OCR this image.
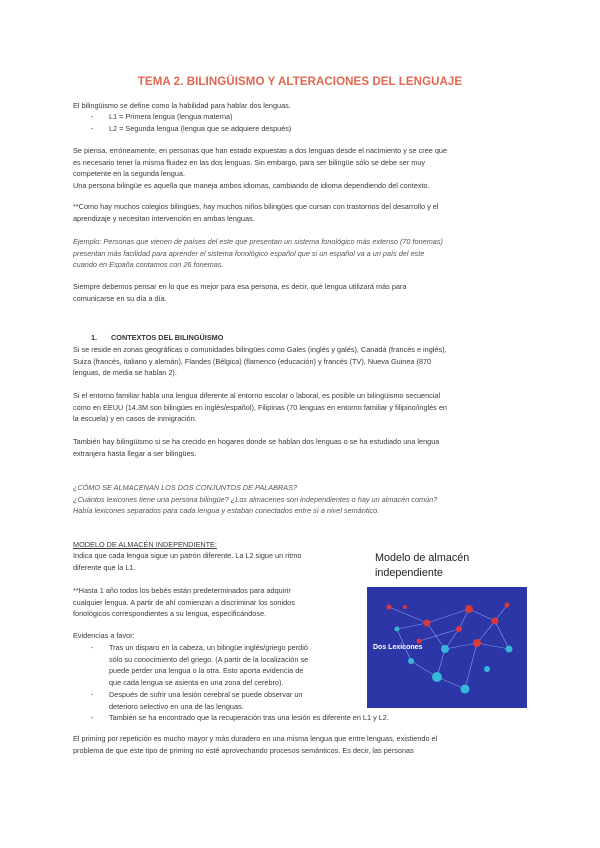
TEMA 2. BILINGÜISMO Y ALTERACIONES DEL LENGUAJE
El bilingüismo se define como la habilidad para hablar dos lenguas.
- L1 = Primera lengua (lengua materna)
- L2 = Segunda lengua (lengua que se adquiere después)
Se piensa, erróneamente, en personas que han estado expuestas a dos lenguas desde el nacimiento y se cree que
es necesario tener la misma fluidez en las dos lenguas. Sin embargo, para ser bilingüe sólo se debe ser muy
competente en la segunda lengua.
Una persona bilingüe es aquella que maneja ambos idiomas, cambiando de idioma dependiendo del contexto.
**Como hay muchos colegios bilingües, hay muchos niños bilingües que cursan con trastornos del desarrollo y el
aprendizaje y necesitan intervención en ambas lenguas.
Ejemplo: Personas que vienen de países del este que presentan un sistema fonológico más extenso (70 fonemas)
presentan más facilidad para aprender el sistema fonológico español que si un español va a un país del este
cuando en España contamos con 26 fonemas.
Siempre debemos pensar en lo que es mejor para esa persona, es decir, qué lengua utilizará más para
comunicarse en su día a día.
1. CONTEXTOS DEL BILINGÜISMO
Si se reside en zonas geográficas o comunidades bilingües como Gales (inglés y galés), Canadá (francés e inglés),
Suiza (francés, italiano y alemán), Flandes (Bélgica) (flamenco (educación) y francés (TV), Nueva Guinea (870
lenguas, de media se hablan 2).
Si el entorno familiar habla una lengua diferente al entorno escolar o laboral, es posible un bilingüismo secuencial
como en EEUU (14.3M son bilingües en inglés/español), Filipinas (70 lenguas en entorno familiar y filipino/inglés en
la escuela) y en casos de inmigración.
También hay bilingüismo si se ha crecido en hogares donde se hablan dos lenguas o se ha estudiado una lengua
extranjera hasta llegar a ser bilingües.
¿CÓMO SE ALMACENAN LOS DOS CONJUNTOS DE PALABRAS?
¿Cuántos lexicones tiene una persona bilingüe? ¿Los almacenes son independientes o hay un almacén común?
Había lexicones separados para cada lengua y estaban conectados entre sí a nivel semántico.
MODELO DE ALMACÉN INDEPENDIENTE:
Indica que cada lengua sigue un patrón diferente. La L2 sigue un ritmo
diferente que la L1.
**Hasta 1 año todos los bebés están predeterminados para adquirir
cualquier lengua. A partir de ahí comienzan a discriminar los sonidos
fonológicos correspondientes a su lengua, especificándose.
Evidencias a favor:
- Tras un disparo en la cabeza, un bilingüe inglés/griego perdió
sólo su conocimiento del griego. (A partir de la localización se
puede perder una lengua o la otra. Esto aporta evidencia de
que cada lengua se asienta en una zona del cerebro).
- Después de sufrir una lesión cerebral se puede observar un
deterioro selectivo en una de las lenguas.
- También se ha encontrado que la recuperación tras una lesión es diferente en L1 y L2.
Modelo de almacén independiente
Dos Lexicones
El priming por repetición es mucho mayor y más duradero en una misma lengua que entre lenguas, existiendo el
problema de que este tipo de priming no esté aprovechando procesos semánticos. Es decir, las personas
